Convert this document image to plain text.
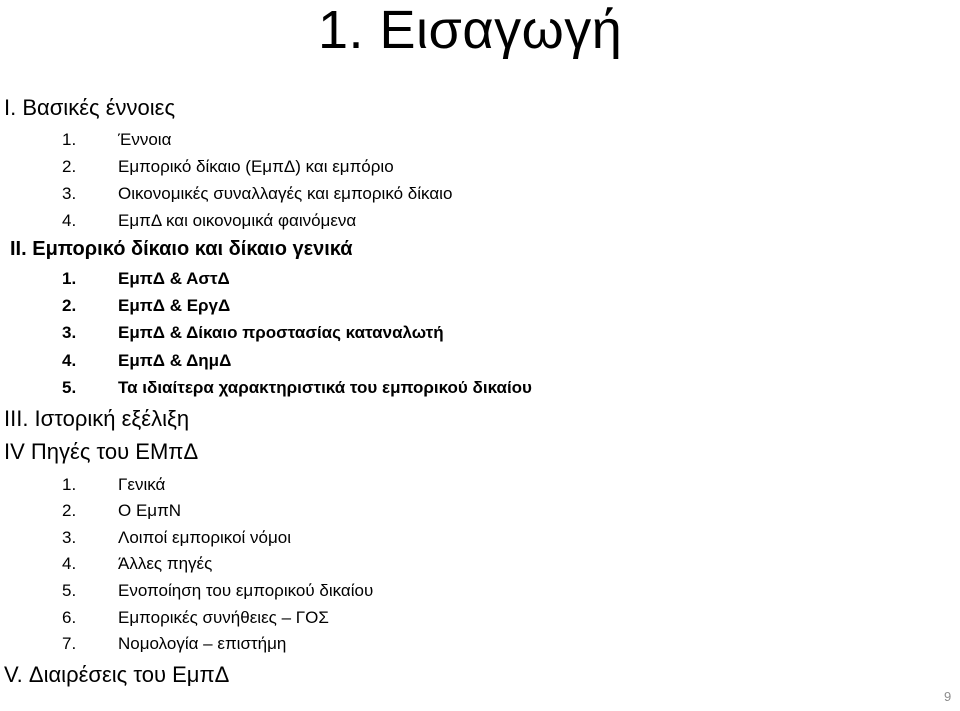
1. Εισαγωγή
I. Βασικές έννοιες
1. Έννοια
2. Εμπορικό δίκαιο (ΕμπΔ) και εμπόριο
3. Οικονομικές συναλλαγές και εμπορικό δίκαιο
4. ΕμπΔ και οικονομικά φαινόμενα
II. Εμπορικό δίκαιο και δίκαιο γενικά
1. ΕμπΔ & ΑστΔ
2. ΕμπΔ & ΕργΔ
3. ΕμπΔ & Δίκαιο προστασίας καταναλωτή
4. ΕμπΔ & ΔημΔ
5. Τα ιδιαίτερα χαρακτηριστικά του εμπορικού δικαίου
III. Ιστορική εξέλιξη
IV Πηγές του ΕΜπΔ
1. Γενικά
2. Ο ΕμπΝ
3. Λοιποί εμπορικοί νόμοι
4. Άλλες πηγές
5. Ενοποίηση του εμπορικού δικαίου
6. Εμπορικές συνήθειες – ΓΟΣ
7. Νομολογία – επιστήμη
V. Διαιρέσεις του ΕμπΔ
9
